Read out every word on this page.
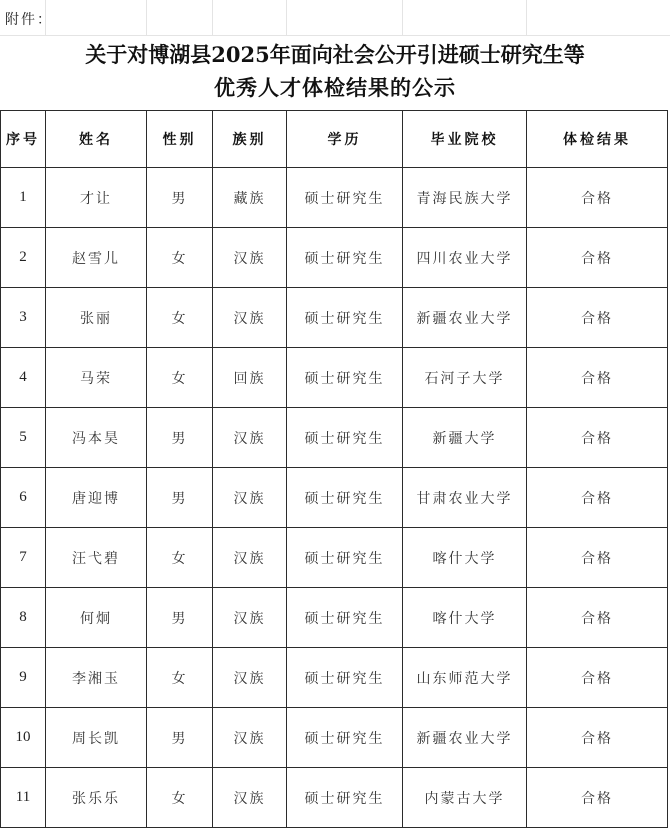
附件：
关于对博湖县2025年面向社会公开引进硕士研究生等

优秀人才体检结果的公示
序号	姓名	性别	族别	学历	毕业院校	体检结果
1	才让	男	藏族	硕士研究生	青海民族大学	合格
2	赵雪儿	女	汉族	硕士研究生	四川农业大学	合格
3	张丽	女	汉族	硕士研究生	新疆农业大学	合格
4	马荣	女	回族	硕士研究生	石河子大学	合格
5	冯本昊	男	汉族	硕士研究生	新疆大学	合格
6	唐迎博	男	汉族	硕士研究生	甘肃农业大学	合格
7	汪弋碧	女	汉族	硕士研究生	喀什大学	合格
8	何炯	男	汉族	硕士研究生	喀什大学	合格
9	李湘玉	女	汉族	硕士研究生	山东师范大学	合格
10	周长凯	男	汉族	硕士研究生	新疆农业大学	合格
11	张乐乐	女	汉族	硕士研究生	内蒙古大学	合格
